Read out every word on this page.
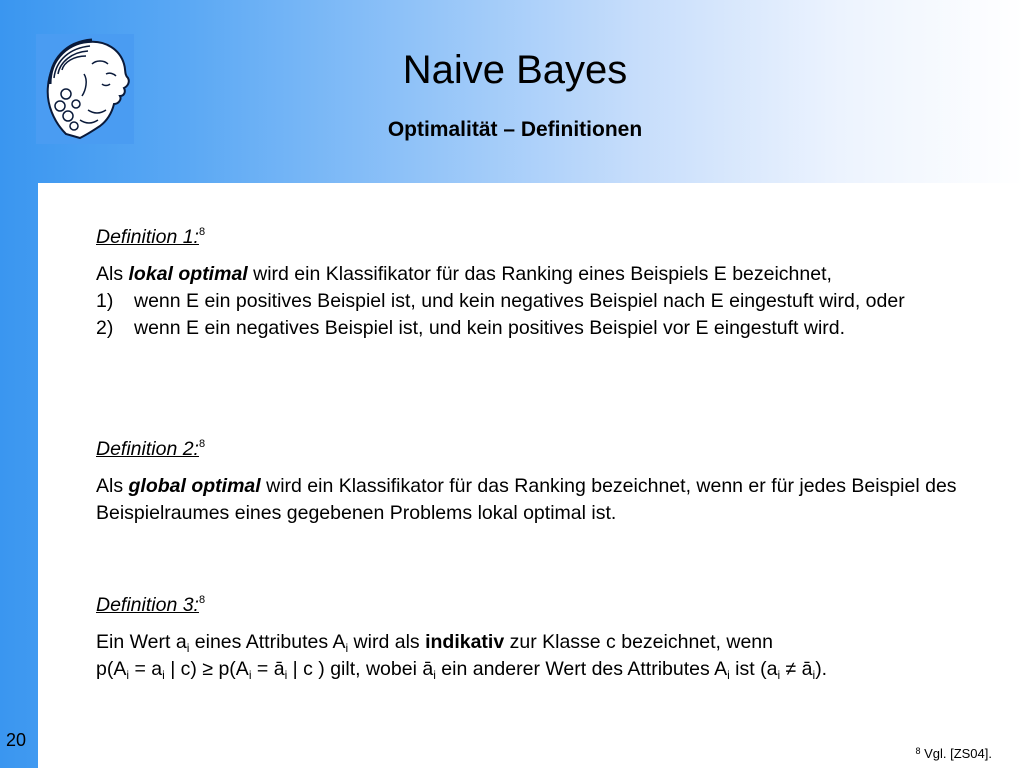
Naive Bayes
Optimalität – Definitionen

Definition 1:$^8$

Als lokal optimal wird ein Klassifikator für das Ranking eines Beispiels E bezeichnet,

1)	wenn E ein positives Beispiel ist, und kein negatives Beispiel nach E eingestuft wird, oder
2)	wenn E ein negatives Beispiel ist, und kein positives Beispiel vor E eingestuft wird.

Definition 2:$^8$

Als global optimal wird ein Klassifikator für das Ranking bezeichnet, wenn er für jedes Beispiel des Beispielraumes eines gegebenen Problems lokal optimal ist.

Definition 3:$^8$

Ein Wert $a_i$ eines Attributes $A_i$ wird als indikativ zur Klasse c bezeichnet, wenn

$p(A_i = a_i$ | $c) \ge p(A_i$ = $ā_i$ | c ) gilt, wobei $ā_i$ ein anderer Wert des Attributes $A_i$ ist ($a_i$ ≠ $ā_i$).

20
$^8$ Vgl. [ZS04].
